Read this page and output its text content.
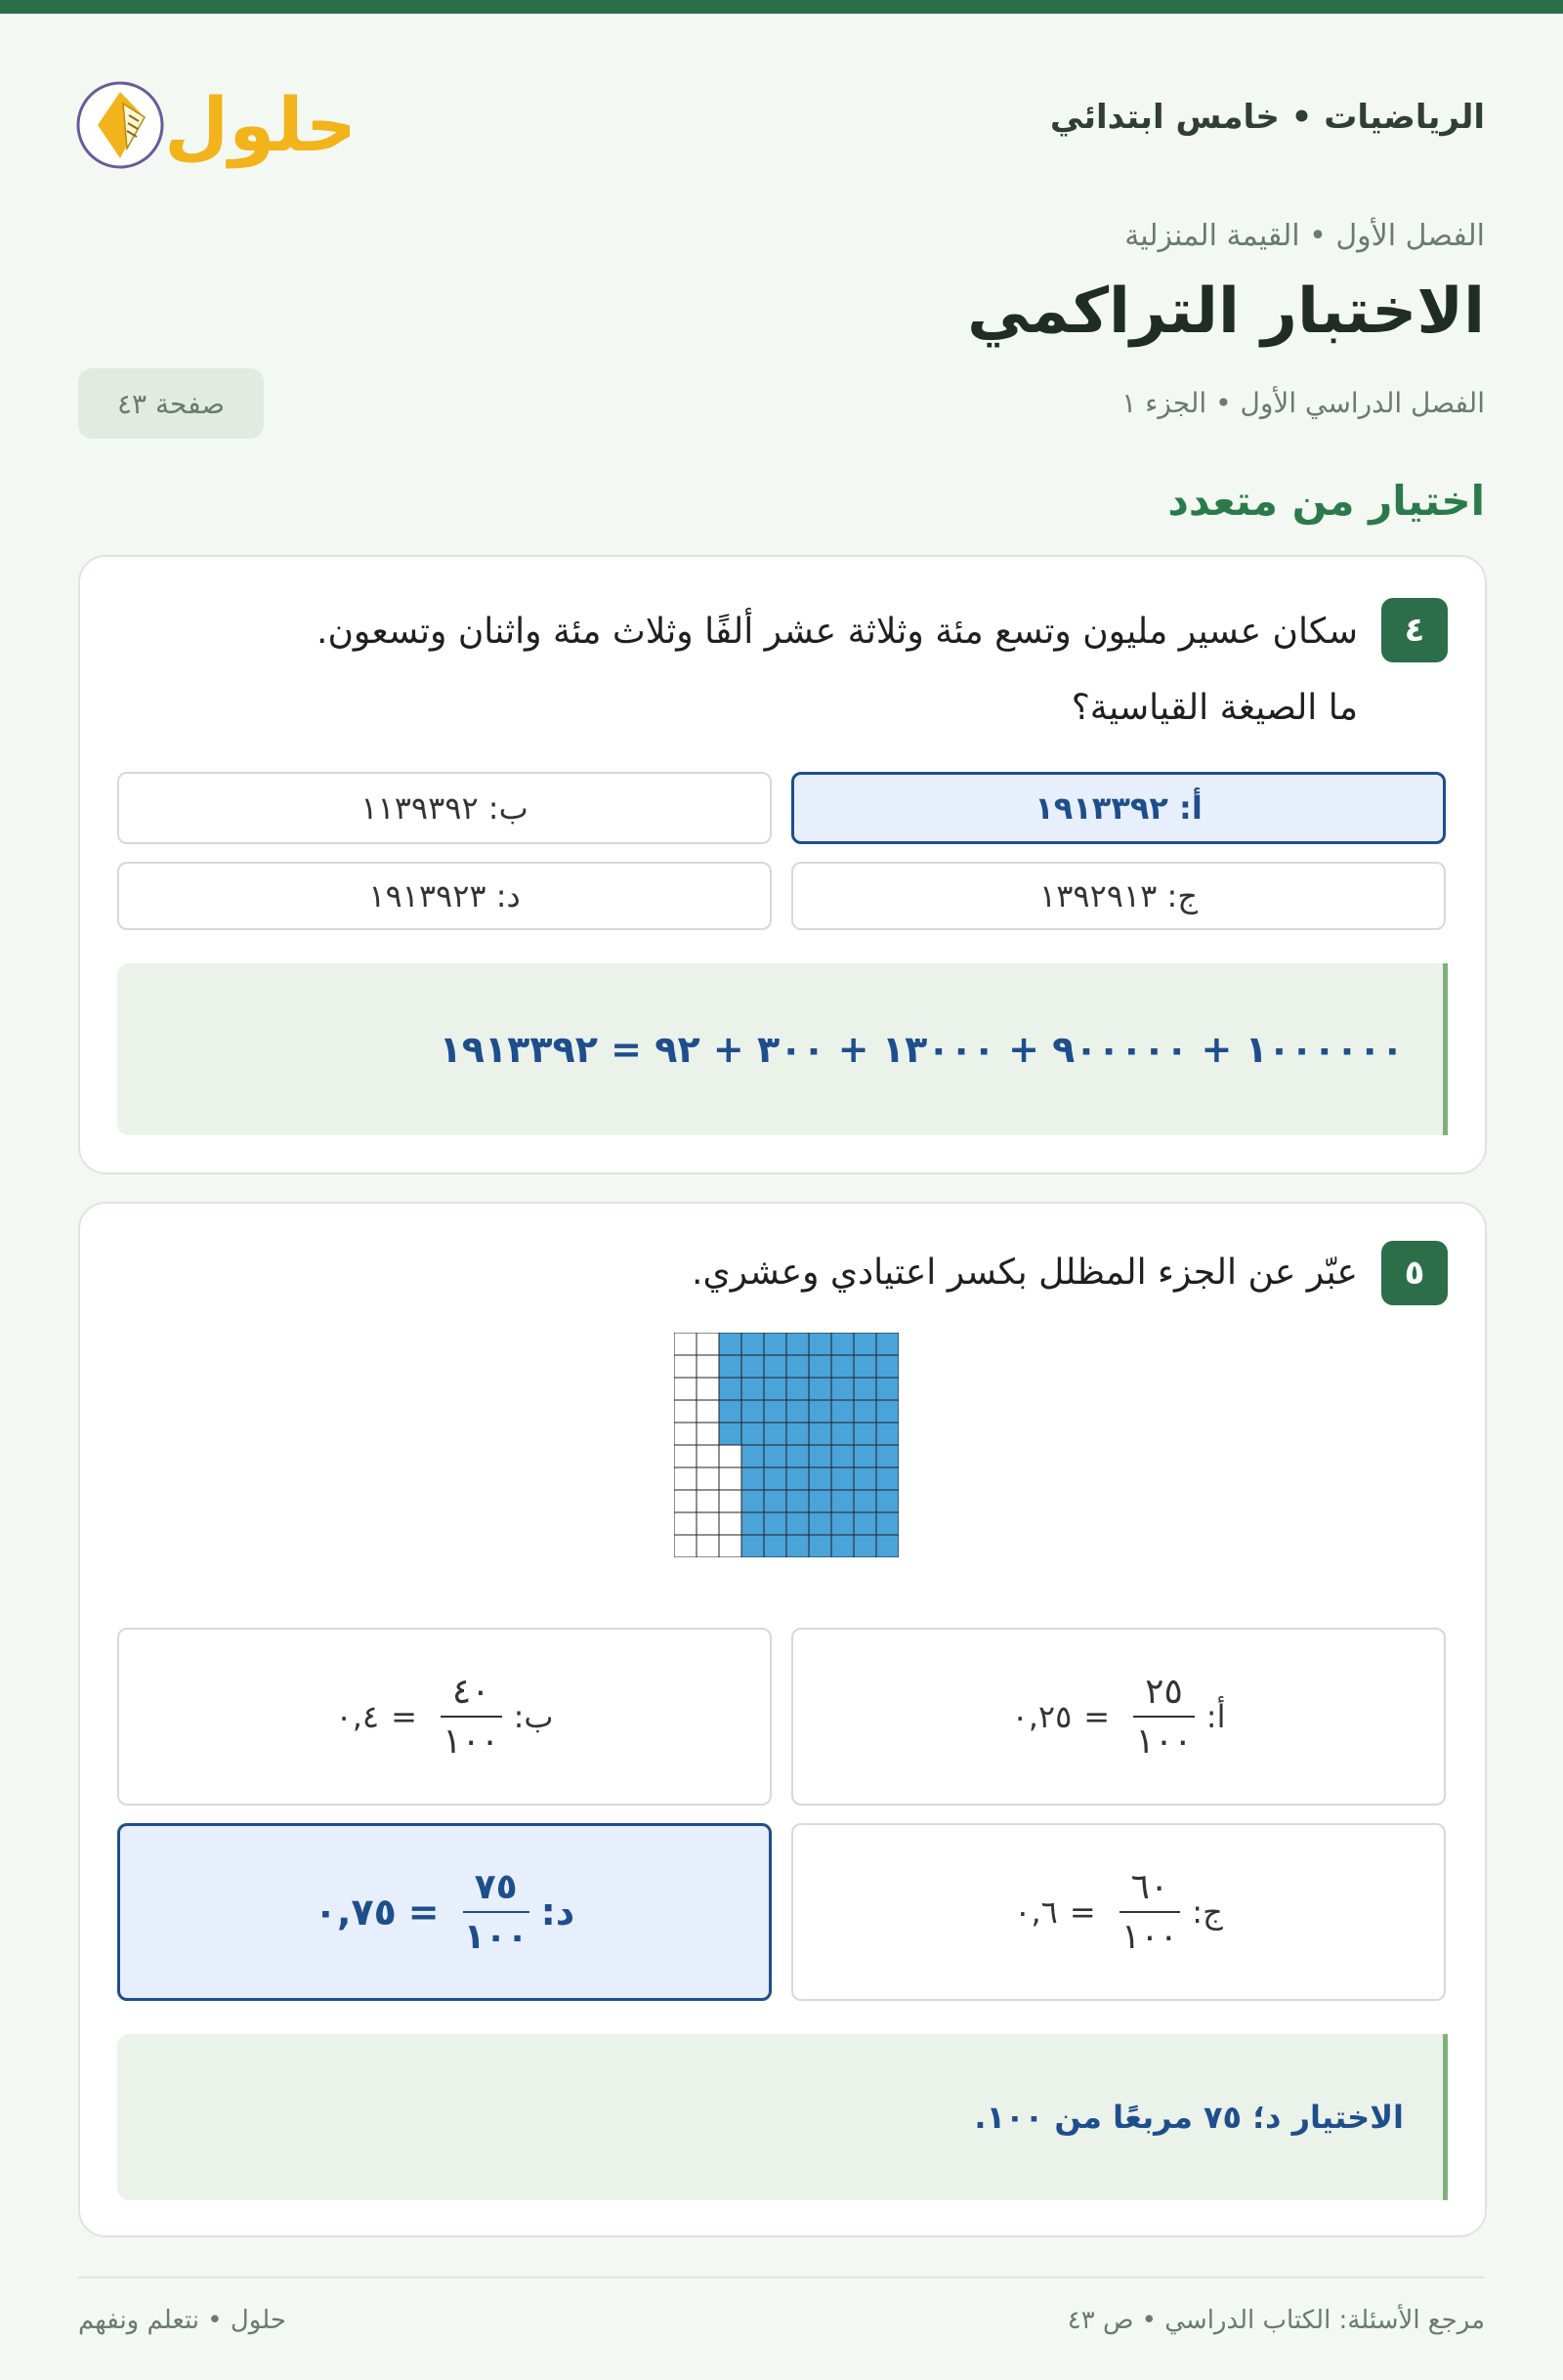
حلول	الرياضيات • خامس ابتدائي
الفصل الأول • القيمة المنزلية
الاختبار التراكمي
الفصل الدراسي الأول • الجزء ١
صفحة ٤٣
اختيار من متعدد
٤
سكان عسير مليون وتسع مئة وثلاثة عشر ألفًا وثلاث مئة واثنان وتسعون.
ما الصيغة القياسية؟
أ: ١٩١٣٣٩٢
ب: ١١٣٩٣٩٢
ج: ١٣٩٢٩١٣
د: ١٩١٣٩٢٣
١٠٠٠٠٠٠ + ٩٠٠٠٠٠ + ١٣٠٠٠ + ٣٠٠ + ٩٢ = ١٩١٣٣٩٢
٥
عبّر عن الجزء المظلل بكسر اعتيادي وعشري.
أ:
$\frac{٢٥}{١٠٠}$
=
٠,٢٥
ب:
$\frac{٤٠}{١٠٠}$
=
٠,٤
ج:
$\frac{٦٠}{١٠٠}$
=
٠,٦
د:
$\frac{٧٥}{١٠٠}$
=
٠,٧٥
الاختيار د؛ ٧٥ مربعًا من ١٠٠.
مرجع الأسئلة: الكتاب الدراسي • ص ٤٣
حلول • نتعلم ونفهم
